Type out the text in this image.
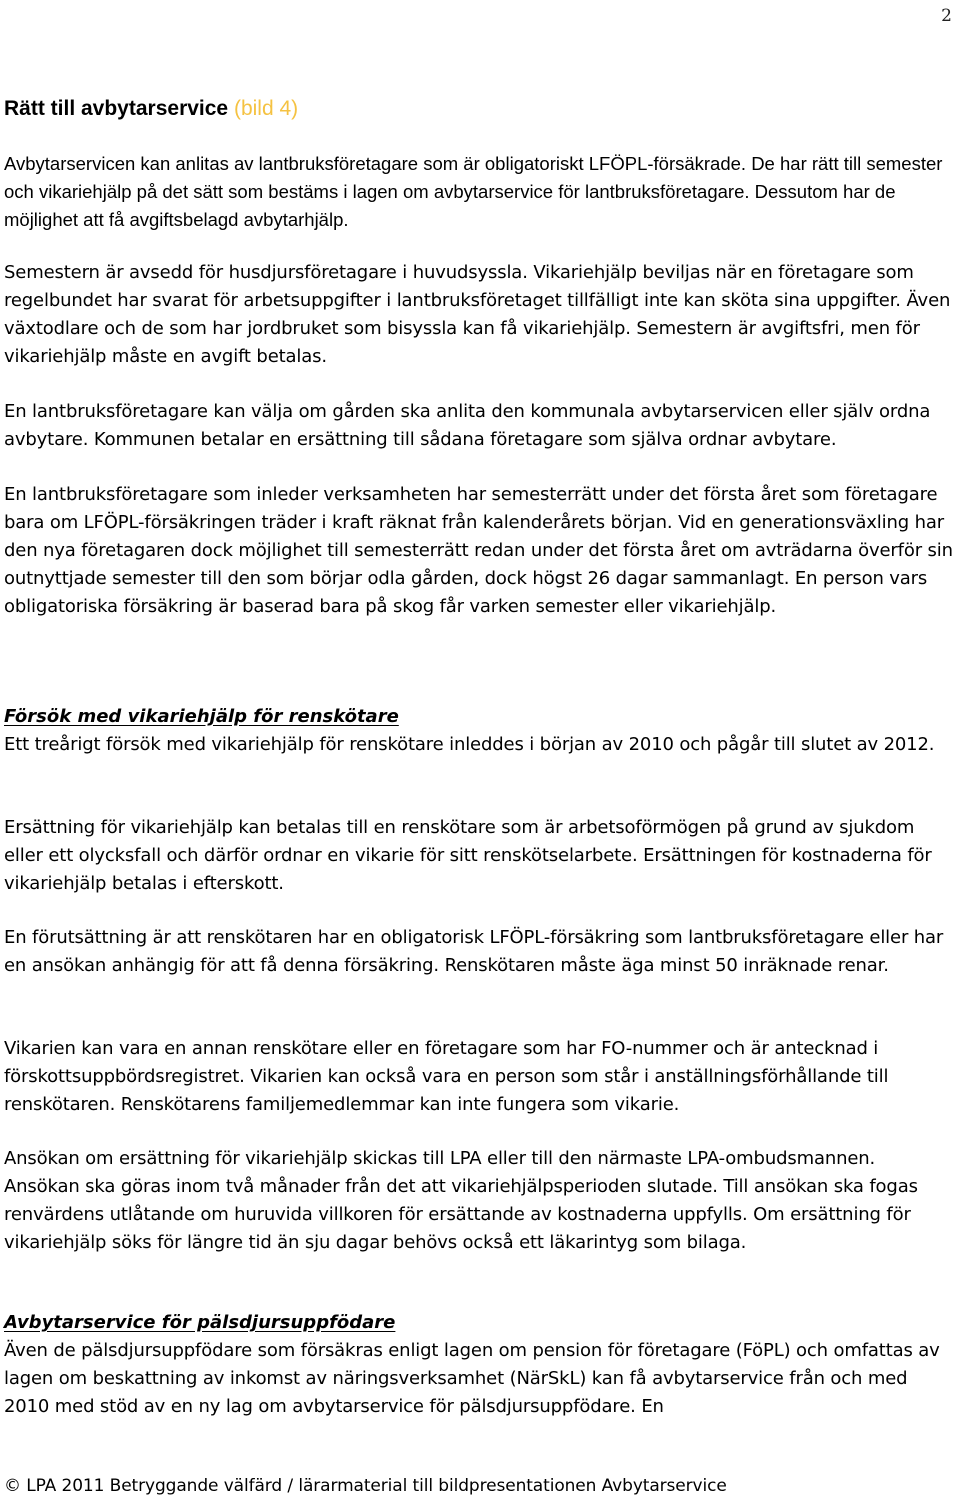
2
Rätt till avbytarservice (bild 4)

Avbytarservicen kan anlitas av lantbruksföretagare som är obligatoriskt LFÖPL-försäkrade. De har rätt till semester och vikariehjälp på det sätt som bestäms i lagen om avbytarservice för lantbruksföretagare. Dessutom har de möjlighet att få avgiftsbelagd avbytarhjälp.

Semestern är avsedd för husdjursföretagare i huvudsyssla. Vikariehjälp beviljas när en företagare som regelbundet har svarat för arbetsuppgifter i lantbruksföretaget tillfälligt inte kan sköta sina uppgifter. Även växtodlare och de som har jordbruket som bisyssla kan få vikariehjälp. Semestern är avgiftsfri, men för vikariehjälp måste en avgift betalas.

En lantbruksföretagare kan välja om gården ska anlita den kommunala avbytarservicen eller själv ordna avbytare. Kommunen betalar en ersättning till sådana företagare som själva ordnar avbytare.

En lantbruksföretagare som inleder verksamheten har semesterrätt under det första året som företagare bara om LFÖPL-försäkringen träder i kraft räknat från kalenderårets början. Vid en generationsväxling har den nya företagaren dock möjlighet till semesterrätt redan under det första året om avträdarna överför sin outnyttjade semester till den som börjar odla gården, dock högst 26 dagar sammanlagt. En person vars obligatoriska försäkring är baserad bara på skog får varken semester eller vikariehjälp.

Försök med vikariehjälp för renskötare

Ett treårigt försök med vikariehjälp för renskötare inleddes i början av 2010 och pågår till slutet av 2012.

Ersättning för vikariehjälp kan betalas till en renskötare som är arbetsoförmögen på grund av sjukdom eller ett olycksfall och därför ordnar en vikarie för sitt renskötselarbete. Ersättningen för kostnaderna för vikariehjälp betalas i efterskott.

En förutsättning är att renskötaren har en obligatorisk LFÖPL-försäkring som lantbruksföretagare eller har en ansökan anhängig för att få denna försäkring. Renskötaren måste äga minst 50 inräknade renar.

Vikarien kan vara en annan renskötare eller en företagare som har FO-nummer och är antecknad i förskottsuppbördsregistret. Vikarien kan också vara en person som står i anställningsförhållande till renskötaren. Renskötarens familjemedlemmar kan inte fungera som vikarie.

Ansökan om ersättning för vikariehjälp skickas till LPA eller till den närmaste LPA-ombudsmannen. Ansökan ska göras inom två månader från det att vikariehjälpsperioden slutade. Till ansökan ska fogas renvärdens utlåtande om huruvida villkoren för ersättande av kostnaderna uppfylls. Om ersättning för vikariehjälp söks för längre tid än sju dagar behövs också ett läkarintyg som bilaga.

Avbytarservice för pälsdjursuppfödare

Även de pälsdjursuppfödare som försäkras enligt lagen om pension för företagare (FöPL) och omfattas av lagen om beskattning av inkomst av näringsverksamhet (NärSkL) kan få avbytarservice från och med 2010 med stöd av en ny lag om avbytarservice för pälsdjursuppfödare. En

© LPA 2011 Betryggande välfärd / lärarmaterial till bildpresentationen Avbytarservice
